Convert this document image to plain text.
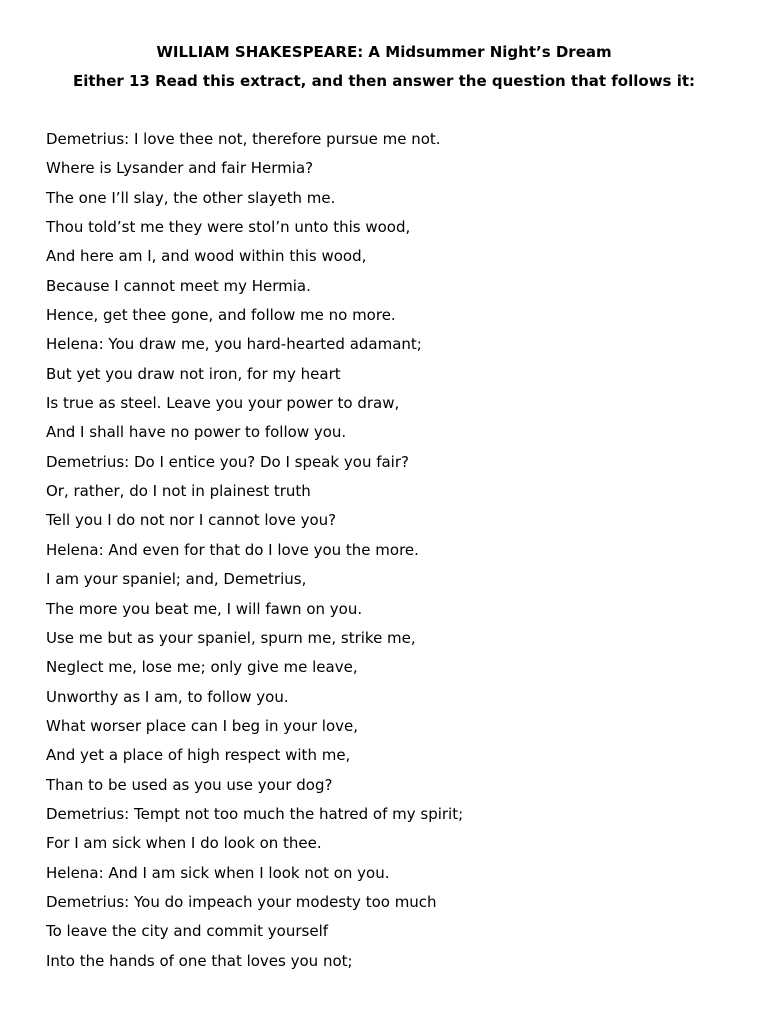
WILLIAM SHAKESPEARE: A Midsummer Night’s Dream
Either 13 Read this extract, and then answer the question that follows it:
Demetrius: I love thee not, therefore pursue me not.
Where is Lysander and fair Hermia?
The one I’ll slay, the other slayeth me.
Thou told’st me they were stol’n unto this wood,
And here am I, and wood within this wood,
Because I cannot meet my Hermia.
Hence, get thee gone, and follow me no more.
Helena: You draw me, you hard-hearted adamant;
But yet you draw not iron, for my heart
Is true as steel. Leave you your power to draw,
And I shall have no power to follow you.
Demetrius: Do I entice you? Do I speak you fair?
Or, rather, do I not in plainest truth
Tell you I do not nor I cannot love you?
Helena: And even for that do I love you the more.
I am your spaniel; and, Demetrius,
The more you beat me, I will fawn on you.
Use me but as your spaniel, spurn me, strike me,
Neglect me, lose me; only give me leave,
Unworthy as I am, to follow you.
What worser place can I beg in your love,
And yet a place of high respect with me,
Than to be used as you use your dog?
Demetrius: Tempt not too much the hatred of my spirit;
For I am sick when I do look on thee.
Helena: And I am sick when I look not on you.
Demetrius: You do impeach your modesty too much
To leave the city and commit yourself
Into the hands of one that loves you not;
